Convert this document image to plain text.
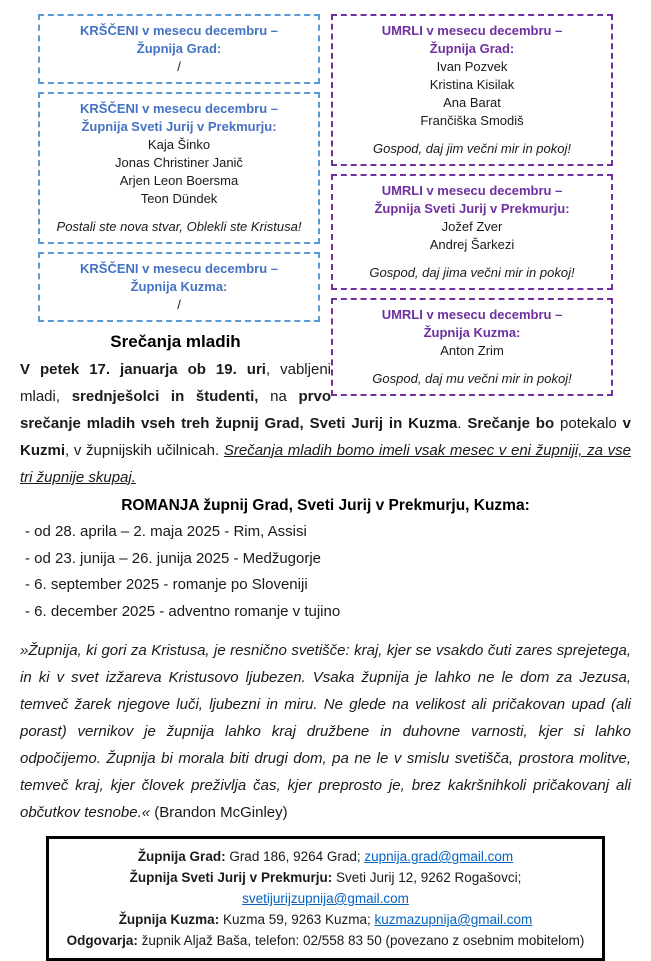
UMRLI v mesecu decembru –
Župnija Grad:
Ivan Pozvek
Kristina Kisilak
Ana Barat
Frančiška Smodiš
Gospod, daj jim večni mir in pokoj!
UMRLI v mesecu decembru –
Župnija Sveti Jurij v Prekmurju:
Jožef Zver
Andrej Šarkezi
Gospod, daj jima večni mir in pokoj!
UMRLI v mesecu decembru –
Župnija Kuzma:
Anton Zrim
Gospod, daj mu večni mir in pokoj!
KRŠČENI v mesecu decembru –
Župnija Grad:
/
KRŠČENI v mesecu decembru –
Župnija Sveti Jurij v Prekmurju:
Kaja Šinko
Jonas Christiner Janič
Arjen Leon Boersma
Teon Dündek
Postali ste nova stvar, Oblekli ste Kristusa!
KRŠČENI v mesecu decembru –
Župnija Kuzma:
/
Srečanja mladih

V petek 17. januarja ob 19. uri, vabljeni mladi, srednješolci in študenti, na prvo srečanje mladih vseh treh župnij Grad, Sveti Jurij in Kuzma. Srečanje bo potekalo v Kuzmi, v župnijskih učilnicah. Srečanja mladih bomo imeli vsak mesec v eni župniji, za vse tri župnije skupaj.

ROMANJA župnij Grad, Sveti Jurij v Prekmurju, Kuzma:
- od 28. aprila – 2. maja 2025 - Rim, Assisi
- od 23. junija – 26. junija 2025 - Medžugorje
- 6. september 2025 - romanje po Sloveniji
- 6. december 2025 - adventno romanje v tujino

»Župnija, ki gori za Kristusa, je resnično svetišče: kraj, kjer se vsakdo čuti zares sprejetega, in ki v svet izžareva Kristusovo ljubezen. Vsaka župnija je lahko ne le dom za Jezusa, temveč žarek njegove luči, ljubezni in miru. Ne glede na velikost ali pričakovan upad (ali porast) vernikov je župnija lahko kraj družbene in duhovne varnosti, kjer si lahko odpočijemo. Župnija bi morala biti drugi dom, pa ne le v smislu svetišča, prostora molitve, temveč kraj, kjer človek preživlja čas, kjer preprosto je, brez kakršnihkoli pričakovanj ali občutkov tesnobe.« (Brandon McGinley)

Župnija Grad: Grad 186, 9264 Grad; zupnija.grad@gmail.com
Župnija Sveti Jurij v Prekmurju: Sveti Jurij 12, 9262 Rogašovci; svetijurijzupnija@gmail.com
Župnija Kuzma: Kuzma 59, 9263 Kuzma; kuzmazupnija@gmail.com
Odgovarja: župnik Aljaž Baša, telefon: 02/558 83 50 (povezano z osebnim mobitelom)
